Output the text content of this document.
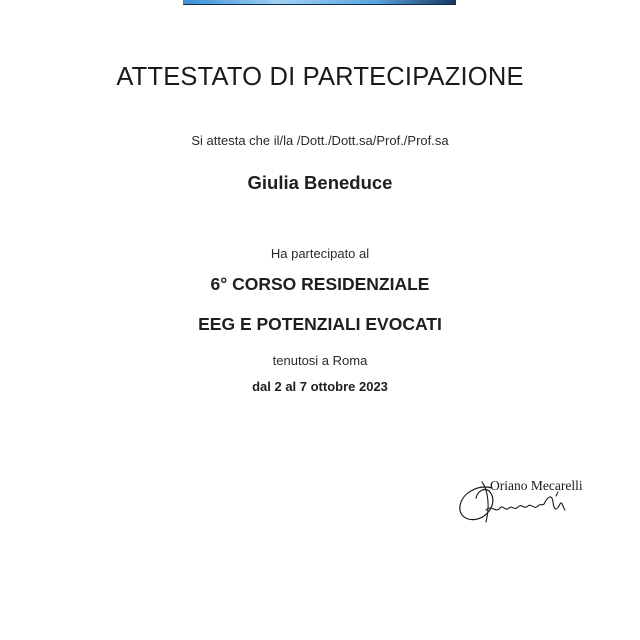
ATTESTATO DI PARTECIPAZIONE
Si attesta che il/la /Dott./Dott.sa/Prof./Prof.sa
Giulia Beneduce
Ha partecipato al
6° CORSO RESIDENZIALE
EEG E POTENZIALI EVOCATI
tenutosi a Roma
dal 2 al 7 ottobre 2023
Oriano Mecarelli
